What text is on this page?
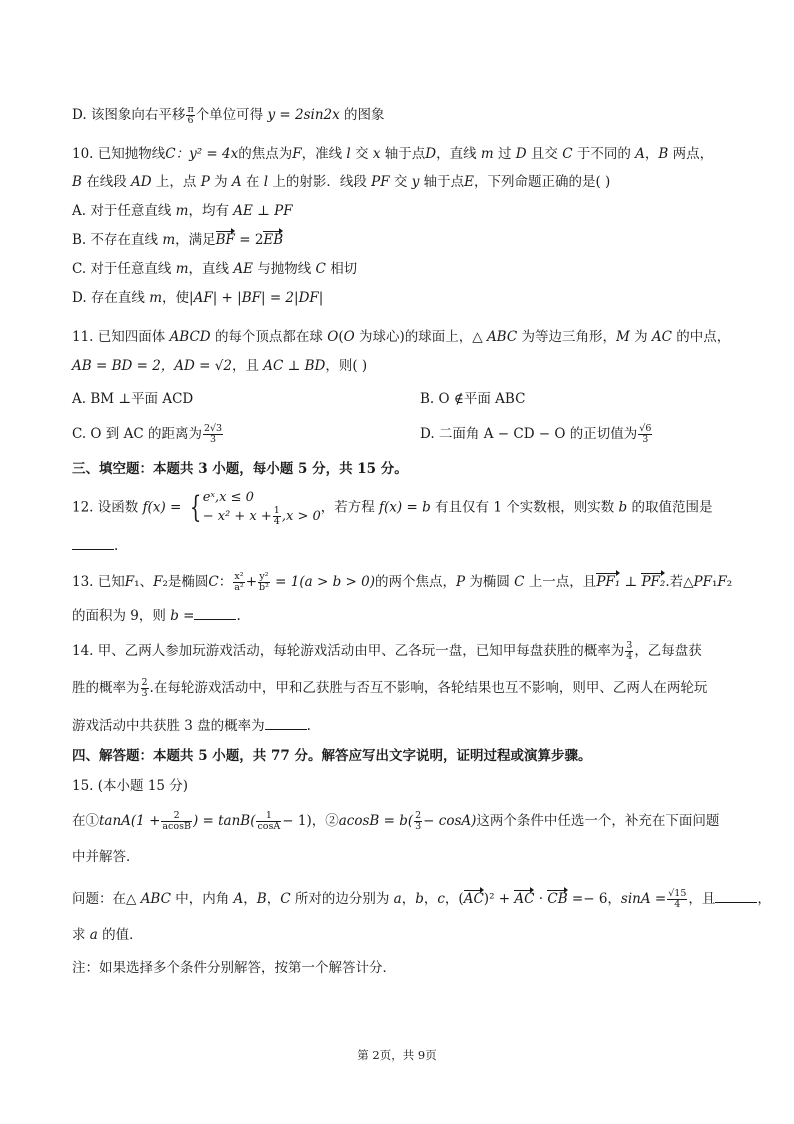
D. 该图象向右平移 $\frac{\pi}{6}$ 个单位可得 y = 2sin2x 的图象
10. 已知抛物线C：y² = 4x的焦点为F，准线 l 交 x 轴于点D，直线 m 过 D 且交 C 于不同的 A，B 两点，
B 在线段 AD 上，点 P 为 A 在 l 上的射影．线段 PF 交 y 轴于点E，下列命题正确的是( )
A. 对于任意直线 m，均有 AE ⊥ PF
B. 不存在直线 m，满足BF = 2EB
C. 对于任意直线 m，直线 AE 与抛物线 C 相切
D. 存在直线 m，使|AF| + |BF| = 2|DF|
11. 已知四面体 ABCD 的每个顶点都在球 O(O 为球心)的球面上，△ ABC 为等边三角形，M 为 AC 的中点，
AB = BD = 2，AD = √2，且 AC ⊥ BD，则( )
A. BM ⊥平面 ACD	B. O ∉平面 ABC
C. O 到 AC 的距离为 $\frac{2√3}{3}$	D. 二面角 A − CD − O 的正切值为 $\frac{√6}{3}$
三、填空题：本题共 3 小题，每小题 5 分，共 15 分。
12. 设函数 f(x) = { eˣ,x ≤ 0
− $x^2 + x + \frac{1}{4} ,x > 0$，若方程 f(x) = b 有且仅有 1 个实数根，则实数 b 的取值范围是
.
13. 已知F₁、F₂是椭圆C： $\frac{\text{x²}}{\text{a²}} + \frac{\text{y²}}{\text{b²}} = 1(a > b > 0)$的两个焦点，P 为椭圆 C 上一点，且PF₁ ⊥ PF₂.若△PF₁F₂
的面积为 9，则 b =	.
14. 甲、乙两人参加玩游戏活动，每轮游戏活动由甲、乙各玩一盘，已知甲每盘获胜的概率为 $\frac{3}{4}$ ，乙每盘获
胜的概率为 $\frac{2}{3}$ .在每轮游戏活动中，甲和乙获胜与否互不影响，各轮结果也互不影响，则甲、乙两人在两轮玩
游戏活动中共获胜 3 盘的概率为	.
四、解答题：本题共 5 小题，共 77 分。解答应写出文字说明，证明过程或演算步骤。
15. (本小题 15 分)
在①tanA(1 + $\frac{2}{acosB}$ ) = $\tan B( \frac{1}{\cos A} - 1)$，②acosB = $b( \frac{2}{3} - \cos A)$这两个条件中任选一个，补充在下面问题
中并解答．
问题：在△ ABC 中，内角 A，B，C 所对的边分别为 a，b，c，(AC)² + AC · CB =− 6，$\sin A = \frac{√15}{4}$ ，且	，
求 a 的值．
注：如果选择多个条件分别解答，按第一个解答计分．
第 2页，共 9页
